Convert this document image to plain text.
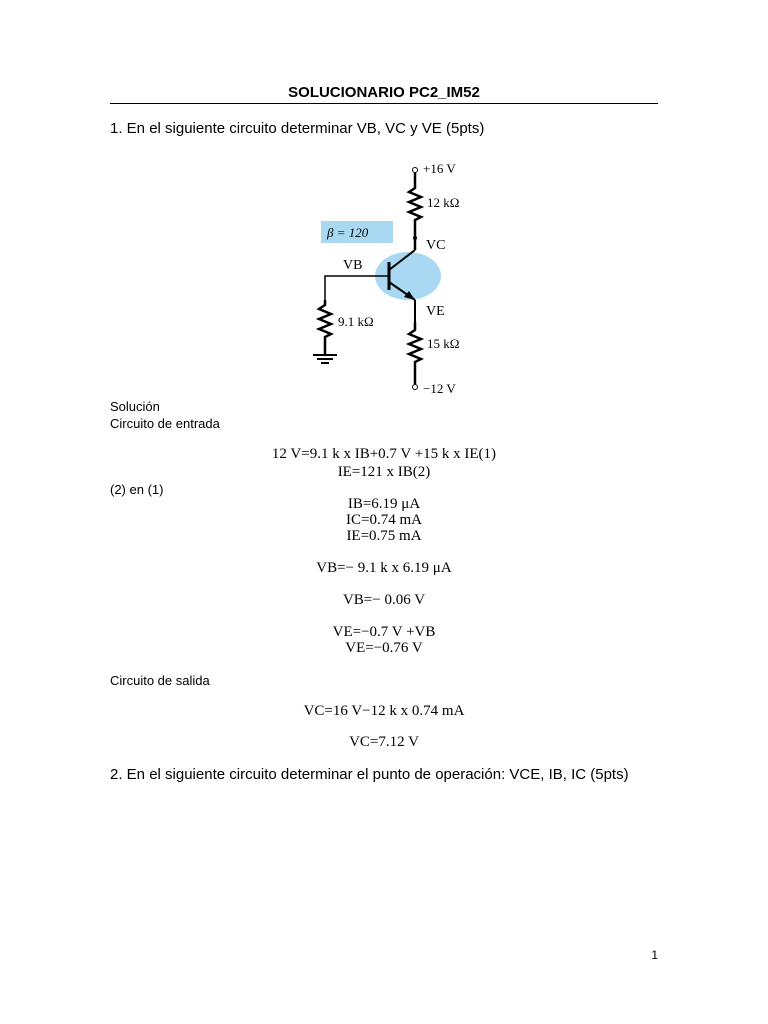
SOLUCIONARIO PC2_IM52
1. En el siguiente circuito determinar VB, VC y VE (5pts)
+16 V
12 kΩ
β = 120
VC
VB
9.1 kΩ
VE
15 kΩ
−12 V
Solución
Circuito de entrada
12 V=9.1 k x IB+0.7 V +15 k x IE(1)
IE=121 x IB(2)
(2) en (1)
IB=6.19 μA
IC=0.74 mA
IE=0.75 mA
VB=− 9.1 k x 6.19 μA
VB=− 0.06 V
VE=−0.7 V +VB
VE=−0.76 V
Circuito de salida
VC=16 V−12 k x 0.74 mA
VC=7.12 V
2. En el siguiente circuito determinar el punto de operación: VCE, IB, IC (5pts)
1
